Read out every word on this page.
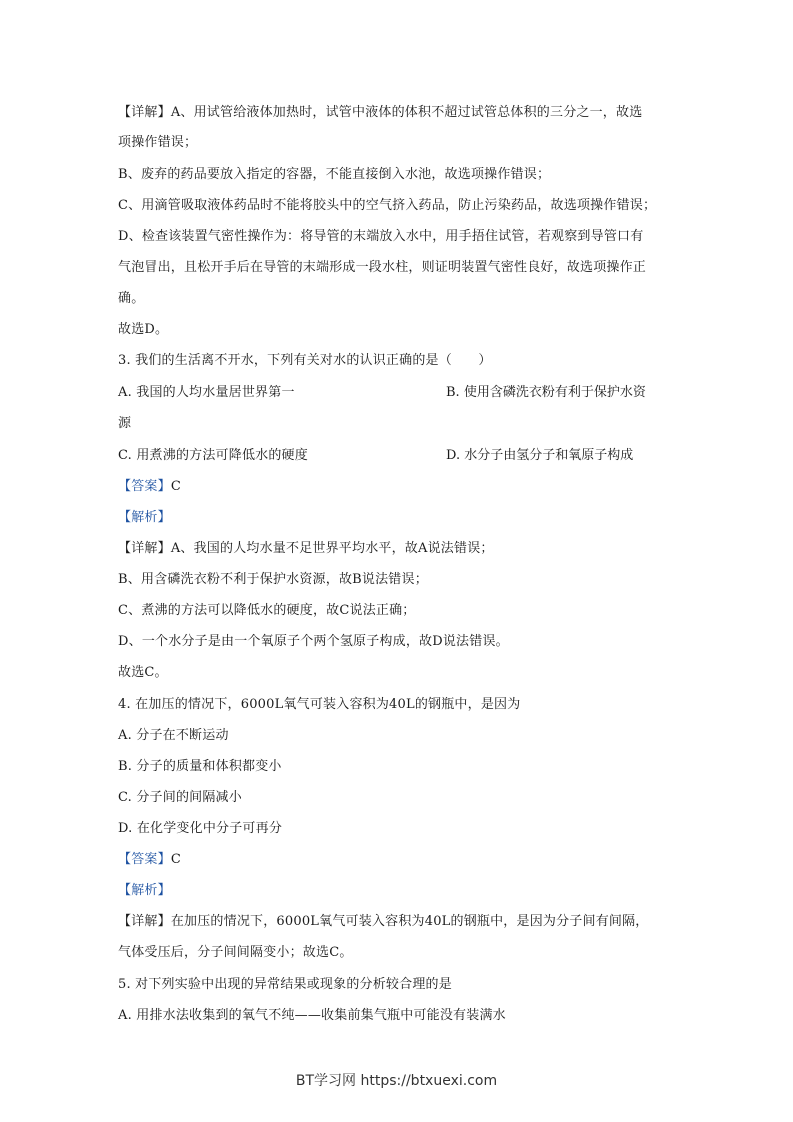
【详解】A、用试管给液体加热时，试管中液体的体积不超过试管总体积的三分之一，故选
项操作错误；
B、废弃的药品要放入指定的容器，不能直接倒入水池，故选项操作错误；
C、用滴管吸取液体药品时不能将胶头中的空气挤入药品，防止污染药品，故选项操作错误；
D、检查该装置气密性操作为：将导管的末端放入水中，用手捂住试管，若观察到导管口有
气泡冒出，且松开手后在导管的末端形成一段水柱，则证明装置气密性良好，故选项操作正
确。
故选D。
3. 我们的生活离不开水，下列有关对水的认识正确的是（　　）
A. 我国的人均水量居世界第一	B. 使用含磷洗衣粉有利于保护水资
源
C. 用煮沸的方法可降低水的硬度	D. 水分子由氢分子和氧原子构成
【答案】C
【解析】
【详解】A、我国的人均水量不足世界平均水平，故A说法错误；
B、用含磷洗衣粉不利于保护水资源，故B说法错误；
C、煮沸的方法可以降低水的硬度，故C说法正确；
D、一个水分子是由一个氧原子个两个氢原子构成，故D说法错误。
故选C。
4. 在加压的情况下，6000L氧气可装入容积为40L的钢瓶中，是因为
A. 分子在不断运动
B. 分子的质量和体积都变小
C. 分子间的间隔减小
D. 在化学变化中分子可再分
【答案】C
【解析】
【详解】在加压的情况下，6000L氧气可装入容积为40L的钢瓶中，是因为分子间有间隔，
气体受压后，分子间间隔变小；故选C。
5. 对下列实验中出现的异常结果或现象的分析较合理的是
A. 用排水法收集到的氧气不纯——收集前集气瓶中可能没有装满水
BT学习网 https://btxuexi.com
